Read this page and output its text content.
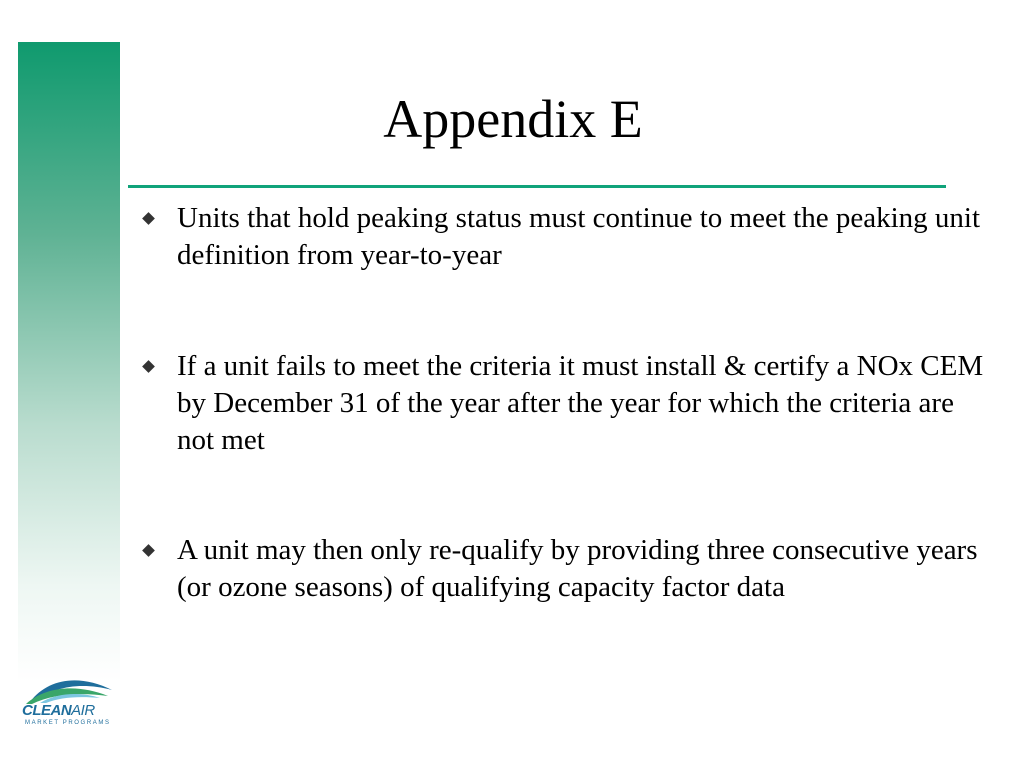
Appendix E
Units that hold peaking status must continue to meet the peaking unit definition from year-to-year
If a unit fails to meet the criteria it must install & certify a NOx CEM by December 31 of the year after the year for which the criteria are not met
A unit may then only re-qualify by providing three consecutive years (or ozone seasons) of qualifying capacity factor data
CLEANAIR
MARKET PROGRAMS
